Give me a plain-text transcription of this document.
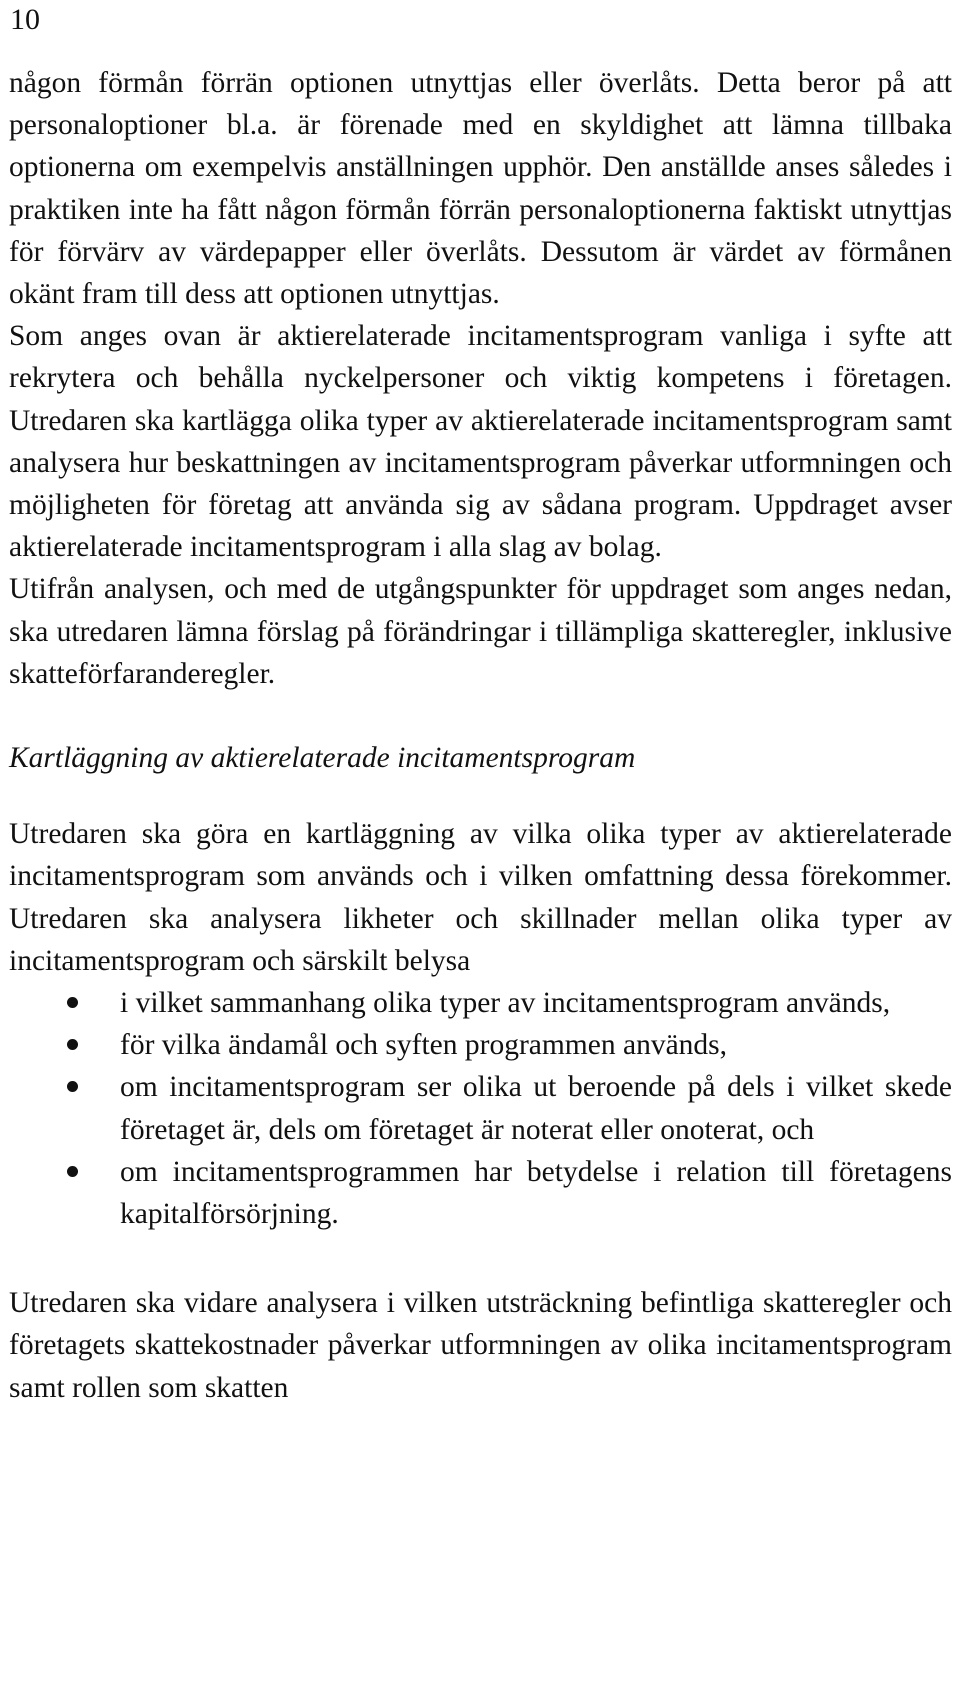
10

någon förmån förrän optionen utnyttjas eller överlåts. Detta beror på att personaloptioner bl.a. är förenade med en skyldighet att lämna tillbaka optionerna om exempelvis anställningen upphör. Den anställde anses således i praktiken inte ha fått någon förmån förrän personaloptionerna faktiskt utnyttjas för förvärv av värdepapper eller överlåts. Dessutom är värdet av förmånen okänt fram till dess att optionen utnyttjas.

Som anges ovan är aktierelaterade incitamentsprogram vanliga i syfte att rekrytera och behålla nyckelpersoner och viktig kompetens i företagen. Utredaren ska kartlägga olika typer av aktierelaterade incitamentsprogram samt analysera hur beskattningen av incitamentsprogram påverkar utformningen och möjligheten för företag att använda sig av sådana program. Uppdraget avser aktierelaterade incitamentsprogram i alla slag av bolag.

Utifrån analysen, och med de utgångspunkter för uppdraget som anges nedan, ska utredaren lämna förslag på förändringar i tillämpliga skatteregler, inklusive skatteförfaranderegler.

Kartläggning av aktierelaterade incitamentsprogram

Utredaren ska göra en kartläggning av vilka olika typer av aktierelaterade incitamentsprogram som används och i vilken omfattning dessa förekommer. Utredaren ska analysera likheter och skillnader mellan olika typer av incitamentsprogram och särskilt belysa

i vilket sammanhang olika typer av incitamentsprogram används,
för vilka ändamål och syften programmen används,
om incitamentsprogram ser olika ut beroende på dels i vilket skede företaget är, dels om företaget är noterat eller onoterat, och
om incitamentsprogrammen har betydelse i relation till företagens kapitalförsörjning.

Utredaren ska vidare analysera i vilken utsträckning befintliga skatteregler och företagets skattekostnader påverkar utformningen av olika incitamentsprogram samt rollen som skatten
